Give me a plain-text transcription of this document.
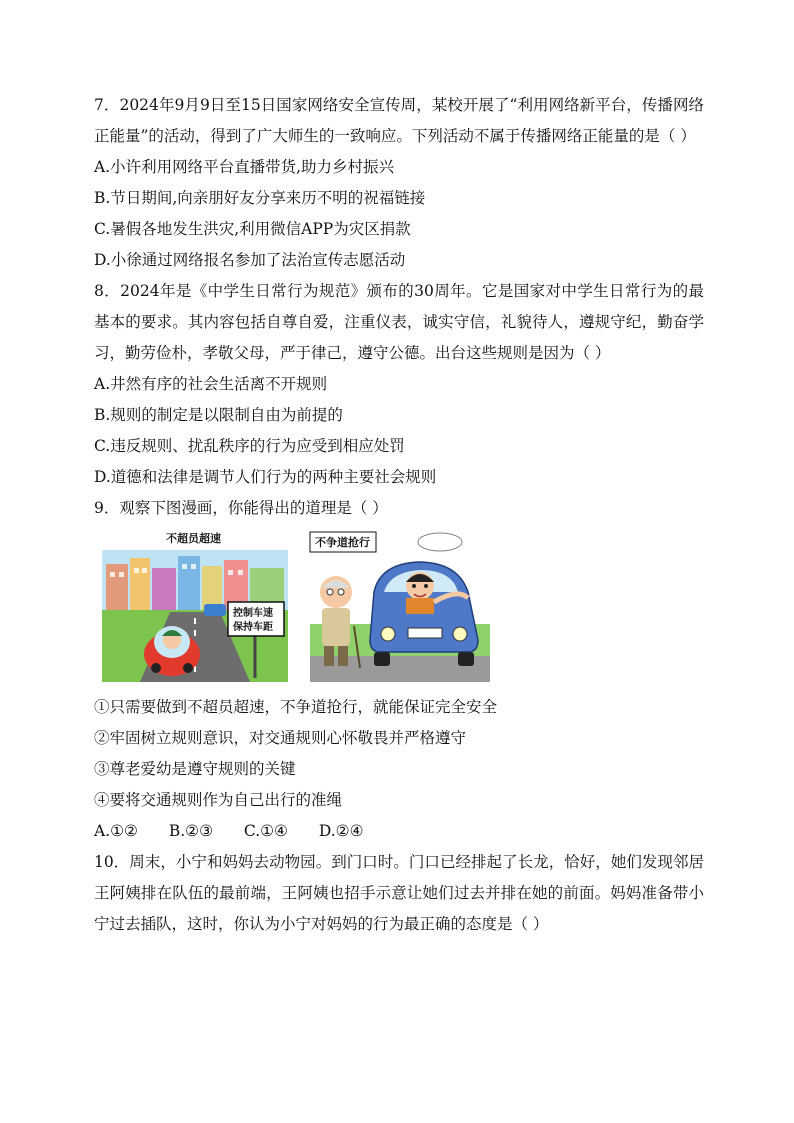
7．2024年9月9日至15日国家网络安全宣传周，某校开展了“利用网络新平台，传播网络正能量”的活动，得到了广大师生的一致响应。下列活动不属于传播网络正能量的是（ ）
A.小许利用网络平台直播带货,助力乡村振兴
B.节日期间,向亲朋好友分享来历不明的祝福链接
C.暑假各地发生洪灾,利用微信APP为灾区捐款
D.小徐通过网络报名参加了法治宣传志愿活动
8．2024年是《中学生日常行为规范》颁布的30周年。它是国家对中学生日常行为的最基本的要求。其内容包括自尊自爱，注重仪表，诚实守信，礼貌待人，遵规守纪，勤奋学习，勤劳俭朴，孝敬父母，严于律己，遵守公德。出台这些规则是因为（ ）
A.井然有序的社会生活离不开规则
B.规则的制定是以限制自由为前提的
C.违反规则、扰乱秩序的行为应受到相应处罚
D.道德和法律是调节人们行为的两种主要社会规则
9．观察下图漫画，你能得出的道理是（ ）
不超员超速
控制车速
保持车距
不争道抢行
①只需要做到不超员超速，不争道抢行，就能保证完全安全
②牢固树立规则意识，对交通规则心怀敬畏并严格遵守
③尊老爱幼是遵守规则的关键
④要将交通规则作为自己出行的准绳
A.①② B.②③ C.①④ D.②④
10．周末，小宁和妈妈去动物园。到门口时。门口已经排起了长龙，恰好，她们发现邻居王阿姨排在队伍的最前端，王阿姨也招手示意让她们过去并排在她的前面。妈妈准备带小宁过去插队，这时，你认为小宁对妈妈的行为最正确的态度是（ ）
